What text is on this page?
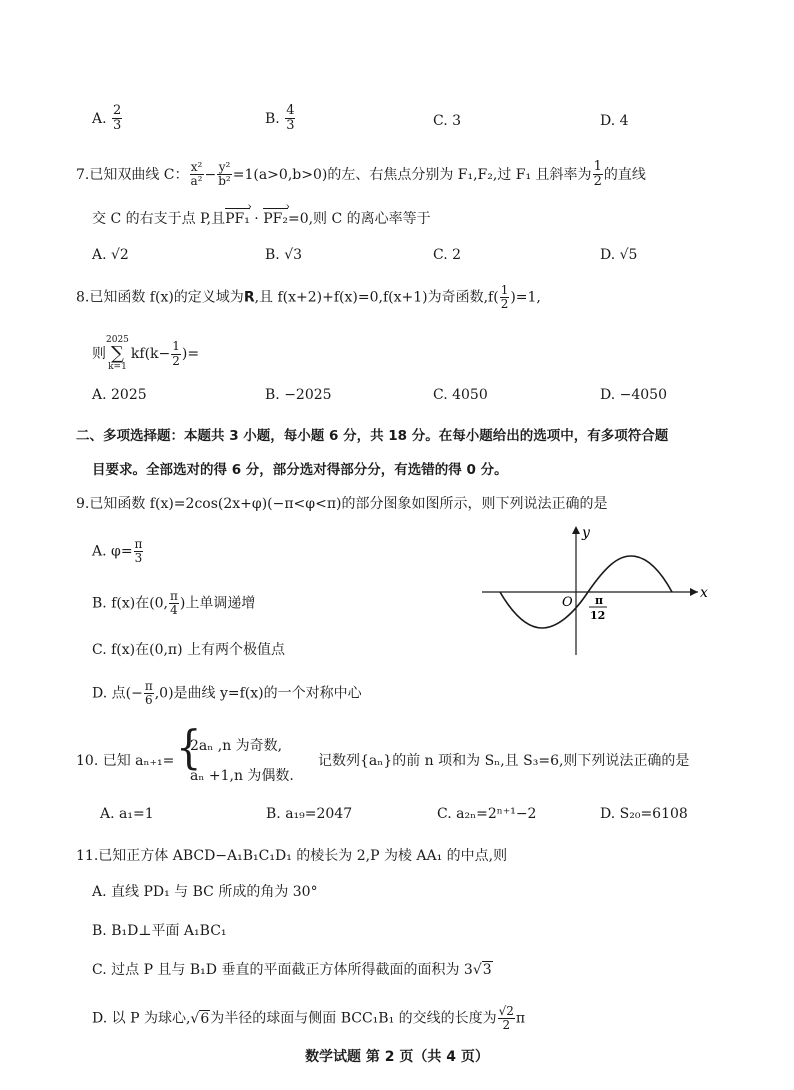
A. $\frac{2}{3}$	B. $\frac{4}{3}$	C. 3	D. 4
7.已知双曲线 C： $\frac{\text{x²}}{\text{a²}} - \frac{\text{y²}}{\text{b²}} =1(a>0,b>0)$的左、右焦点分别为 F₁,F₂,过 F₁ 且斜率为 $\frac{1}{2}$ 的直线
交 C 的右支于点 P,且PF₁ › · PF₂ ›=0,则 C 的离心率等于
A. √2	B. √3	C. 2	D. √5
8.已知函数 f(x)的定义域为R,且 f(x+2)+f(x)=0,f(x+1)为奇函数$,f( \frac{1}{2} )=1$,
则2025
∑
$k=1kf(k- \frac{1}{2}$ )=
A. 2025	B. −2025	C. 4050	D. −4050
二、多项选择题：本题共 3 小题，每小题 6 分，共 18 分。在每小题给出的选项中，有多项符合题
目要求。全部选对的得 6 分，部分选对得部分分，有选错的得 0 分。
9.已知函数 f(x)=2cos(2x+φ)(−π<φ<π)的部分图象如图所示，则下列说法正确的是
A. $\varphi= \frac{\pi}{3}$
B. f(x)在(0, $\frac{\pi}{4}$ )上单调递增
C. f(x)在(0,π) 上有两个极值点
D. 点(− $\frac{\pi}{6} ,0$)是曲线 y=f(x)的一个对称中心
y
x
O π
12
10. 已知 aₙ₊₁= {
2aₙ ,n 为奇数,
aₙ +1,n 为偶数.
记数列{aₙ}的前 n 项和为 Sₙ,且 S₃=6,则下列说法正确的是
A. a₁=1	B. a₁₉=2047	C. a₂ₙ=2ⁿ⁺¹−2	D. S₂₀=6108
11.已知正方体 ABCD−A₁B₁C₁D₁ 的棱长为 2,P 为棱 AA₁ 的中点,则
A. 直线 PD₁ 与 BC 所成的角为 30°
B. B₁D⊥平面 A₁BC₁
C. 过点 P 且与 B₁D 垂直的平面截正方体所得截面的面积为 3√3
D. 以 P 为球心,√6为半径的球面与侧面 BCC₁B₁ 的交线的长度为 $\frac{√2}{2}$ π
数学试题 第 2 页（共 4 页）
